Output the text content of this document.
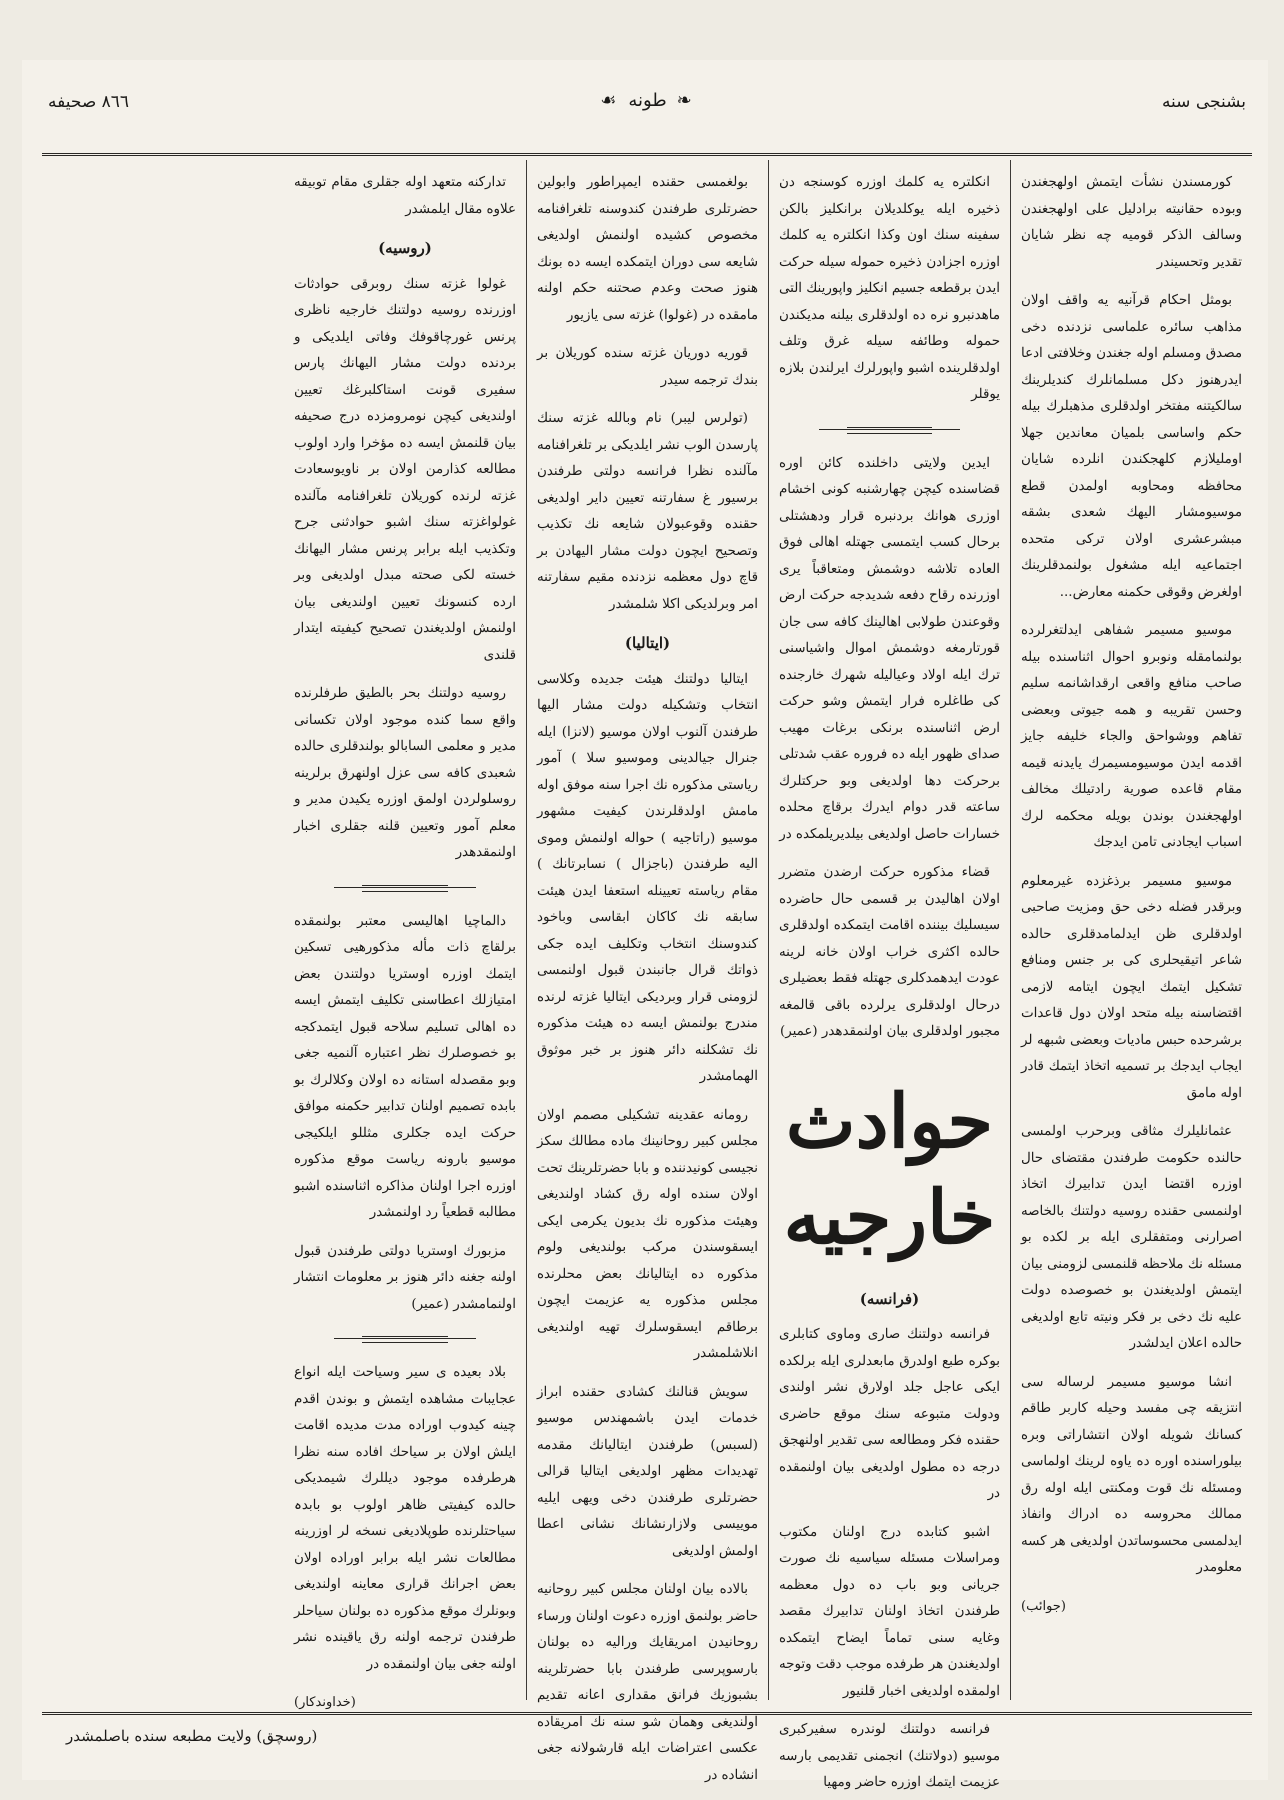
بشنجی سنه
❧طونه☙
٨٦٦ صحیفه

كورمسندن نشأت ایتمش اولهجغندن وبوده حقانیته برادلیل علی اولهجغندن وسالف الذكر قومیه چه نظر شایان تقدیر وتحسیندر

بومثل احكام قرآنیه یه واقف اولان مذاهب سائره علماسی نزدنده دخی مصدق ومسلم اوله جغندن وخلافتی ادعا ایدرهنوز دكل مسلمانلرك كندیلرینك سالكیتنه مفتخر اولدقلری مذهبلرك بیله حكم واساسی بلمیان معاندین جهلا اوملیلازم كلهجكندن انلرده شایان محافظه ومحاوبه اولمدن قطع موسیومشار الیهك شعدی بشقه مبشرعشری اولان تركی متحده اجتماعیه ایله مشغول بولنمدقلرینك اولغرض وقوقی حكمنه معارض...

موسیو مسیمر شفاهی ایدلتغرلرده بولنمامقله ونوبرو احوال اثناسنده بیله صاحب منافع واقعی ارقداشانمه سلیم وحسن تقریبه و همه جیوتی وبعضی تفاهم ووشواحق والجاء خلیفه جایز اقدمه ایدن موسیومسیمرك یایدنه قیمه مقام قاعده صوریة رادتیلك مخالف اولهجغندن بوندن بویله محكمه لرك اسباب ایجادنی تامن ایدجك

موسیو مسیمر برذغزده غیرمعلوم وبرقدر فضله دخی حق ومزیت صاحبی اولدقلری ظن ایدلمامدقلری حالده شاعر اتیقیحلری كی بر جنس ومنافع تشكیل ایتمك ایچون ایتامه لازمی اقتضاسنه بیله متحد اولان دول قاعدات برشرحده حبس مادیات وبعضی شبهه لر ایجاب ایدجك بر تسمیه اتخاذ ایتمك قادر اوله مامق

عثمانلیلرك مثاقی وبرحرب اولمسی حالنده حكومت طرفندن مقتضای حال اوزره اقتضا ایدن تدابیرك اتخاذ اولنمسی حقنده روسیه دولتنك بالخاصه اصرارنی ومتفقلری ایله بر لكده بو مسئله نك ملاحظه قلنمسی لزومنی بیان ایتمش اولدیغندن بو خصوصده دولت علیه نك دخی بر فكر ونیته تابع اولدیغی حالده اعلان ایدلشدر

انشا موسیو مسیمر لرساله سی انتزیقه چی مفسد وحیله كاربر طاقم كسانك شویله اولان انتشاراتی وبره بیلوراسنده اوره ده یاوه لرینك اولماسی ومسئله نك قوت ومكنتی ایله اوله رق ممالك محروسه ده ادراك وانفاذ ایدلمسی محسوساتدن اولدیغی هر كسه معلومدر

(جوائب)

انكلتره یه كلمك اوزره كوسنجه دن ذخیره ایله یوكلدیلان برانكلیز بالكن سفینه سنك اون وكذا انكلتره یه كلمك اوزره اجزادن ذخیره حموله سیله حركت ایدن برقطعه جسیم انكلیز واپورینك التی ماهدنبرو نره ده اولدقلری بیلنه مدیكندن حموله وطائفه سیله غرق وتلف اولدقلرینده اشبو واپورلرك ایرلندن بلازه یوقلر

ایدین ولایتی داخلنده كائن اوره قضاسنده كیچن چهارشنبه كونی اخشام اوزری هوانك بردنبره قرار ودهشتلی برحال كسب ایتمسی جهتله اهالی فوق العاده تلاشه دوشمش ومتعاقباً یری اوزرنده رقاح دفعه شدیدجه حركت ارض وقوعندن طولابی اهالینك كافه سی جان قورتارمغه دوشمش اموال واشیاسنی ترك ایله اولاد وعیالیله شهرك خارجنده كی طاغلره فرار ایتمش وشو حركت ارض اثناسنده برنكی برغات مهیب صدای ظهور ایله ده فروره عقب شدتلی برحركت دها اولدیغی وبو حركتلرك ساعته قدر دوام ایدرك برقاچ محلده خسارات حاصل اولدیغی بیلدیریلمكده در

قضاء مذكوره حركت ارضدن متضرر اولان اهالیدن بر قسمی حال حاضرده سیسلیك بیننده اقامت ایتمكده اولدقلری حالده اكثری خراب اولان خانه لرینه عودت ایدهمدكلری جهتله فقط بعضیلری درحال اولدقلری یرلرده باقی قالمغه مجبور اولدقلری بیان اولنمقدهدر (عمیر)

حوادث خارجیه
(فرانسه)

فرانسه دولتنك صاری وماوی كتابلری بوكره طبع اولدرق مابعدلری ایله برلكده ایکی عاجل جلد اولارق نشر اولندی ودولت متبوعه سنك موقع حاضری حقنده فكر ومطالعه سی تقدیر اولنهجق درجه ده مطول اولدیغی بیان اولنمقده در

اشبو كتابده درج اولنان مكتوب ومراسلات مسئله سیاسیه نك صورت جریانی وبو باب ده دول معظمه طرفندن اتخاذ اولنان تدابیرك مقصد وغایه سنی تماماً ایضاح ایتمكده اولدیغندن هر طرفده موجب دقت وتوجه اولمقده اولدیغی اخبار قلنیور

فرانسه دولتنك لوندره سفیركبری موسیو (دولاتنك) انجمنی تقدیمی بارسه عزیمت ایتمك اوزره حاضر ومهیا

بولغمسی حقنده ایمپراطور وابولین حضرتلری طرفندن كندوسنه تلغرافنامه مخصوص كشیده اولنمش اولدیغی شایعه سی دوران ایتمكده ایسه ده بونك هنوز صحت وعدم صحتنه حكم اولنه مامقده در (غولوا) غزته سی یازیور

قوریه دوریان غزته سنده كوریلان بر بندك ترجمه سیدر

(تولرس لیبر) نام وبالله غزته سنك پارسدن الوب نشر ایلدیكی بر تلغرافنامه مآلنده نظرا فرانسه دولتی طرفندن برسیور غ سفارتنه تعیین دایر اولدیغی حقنده وقوعبولان شایعه نك تكذیب وتصحیح ایچون دولت مشار الیهادن بر قاچ دول معظمه نزدنده مقیم سفارتنه امر وبرلدیكی اكلا شلمشدر

(ایتالیا)

ایتالیا دولتنك هیئت جدیده وكلاسی انتخاب وتشكیله دولت مشار الیها طرفندن آلنوب اولان موسیو (لانزا) ایله جنرال جیالدینی وموسیو سلا ) آمور ریاستی مذكوره نك اجرا سنه موفق اوله مامش اولدقلرندن كیفیت مشهور موسیو (راتاجیه ) حواله اولنمش وموی الیه طرفندن (باجزال ) نسابرتانك ) مقام ریاسته تعیینله استعفا ایدن هیئت سابقه نك كاكان ابقاسی وباخود كندوسنك انتخاب وتكلیف ایده جكی ذواتك قرال جانبندن قبول اولنمسی لزومنی قرار وبردیكی ایتالیا غزته لرنده مندرج بولنمش ایسه ده هیئت مذكوره نك تشكلنه دائر هنوز بر خبر موثوق الهمامشدر

رومانه عقدینه تشكیلی مصمم اولان مجلس كبیر روحانینك ماده مطالك سكز نجیسی كونیدننده و بابا حضرتلرینك تحت اولان سنده اوله رق كشاد اولندیغی وهیئت مذكوره نك بدیون یكرمی ایكی ایسقوسندن مركب بولندیغی ولوم مذكوره ده ایتالیانك بعض محلرنده مجلس مذكوره یه عزیمت ایچون برطاقم ایسقوسلرك تهیه اولندیغی انلاشلمشدر

سویش قنالنك كشادی حقنده ابراز خدمات ایدن باشمهندس موسیو (لسبس) طرفندن ایتالیانك مقدمه تهدیدات مظهر اولدیغی ایتالیا قرالی حضرتلری طرفندن دخی ویهی ایلیه موییسی ولازارنشانك نشانی اعطا اولمش اولدیغی

بالاده بیان اولنان مجلس كبیر روحانیه حاضر بولنمق اوزره دعوت اولنان ورساء روحانیدن امریقایك ورالیه ده بولنان بارسوپرسی طرفندن بابا حضرتلرینه بشبوزیك فرانق مقداری اعانه تقدیم اولندیغی وهمان شو سنه نك امریقاده عكسی اعتراضات ایله قارشولانه جغی انشاده در

تداركنه متعهد اوله جقلری مقام توبیقه علاوه مقال ایلمشدر

(روسیه)

غولوا غزته سنك روبرقی حوادثات اوزرنده روسیه دولتنك خارجیه ناظری پرنس غورچاقوفك وفاتی ایلدیكی و بردنده دولت مشار الیهانك پارس سفیری قونت استاكلبرغك تعیین اولندیغی كیچن نومرومزده درج صحیفه بیان قلنمش ایسه ده مؤخرا وارد اولوب مطالعه كذارمن اولان بر ناویوسعادت غزته لرنده كوریلان تلغرافنامه مآلنده غولواغزته سنك اشبو حوادثنی جرح وتكذیب ایله برابر پرنس مشار الیهانك خسته لكی صحته مبدل اولدیغی وبر ارده كنسونك تعیین اولندیغی بیان اولنمش اولدیغندن تصحیح كیفیته ایتدار قلندی

روسیه دولتنك بحر بالطیق طرفلرنده واقع سما كنده موجود اولان تكسانی مدیر و معلمی السابالو بولندقلری حالده شعبدی كافه سی عزل اولنهرق برلرینه روسلولردن اولمق اوزره یكیدن مدیر و معلم آمور وتعیین قلنه جقلری اخبار اولنمقدهدر

دالماچیا اهالیسی معتبر بولنمقده برلقاچ ذات مأله مذكورهیی تسكین ایتمك اوزره اوستریا دولتندن بعض امتیازلك اعطاسنی تكلیف ایتمش ایسه ده اهالی تسلیم سلاحه قبول ایتمدكجه بو خصوصلرك نظر اعتباره آلنمیه جغی وبو مقصدله استانه ده اولان وكلالرك بو بابده تصمیم اولنان تدابیر حكمنه موافق حركت ایده جكلری مثللو ایلكیجی موسیو بارونه ریاست موقع مذكوره اوزره اجرا اولنان مذاكره اثناسنده اشبو مطالبه قطعیاً رد اولنمشدر

مزبورك اوستریا دولتی طرفندن قبول اولنه جغنه دائر هنوز بر معلومات انتشار اولنمامشدر (عمیر)

بلاد بعیده ی سیر وسیاحت ایله انواع عجایبات مشاهده ایتمش و بوندن اقدم چینه كیدوب اوراده مدت مدیده اقامت ایلش اولان بر سیاحك افاده سنه نظرا هرطرفده موجود دیللرك شیمدیكی حالده كیفیتی ظاهر اولوب بو بابدہ سیاحتلرنده طوپلادیغی نسخه لر اوزرینه مطالعات نشر ایله برابر اوراده اولان بعض اجرانك قراری معاینه اولندیغی وبونلرك موقع مذكوره ده بولنان سیاحلر طرفندن ترجمه اولنه رق یاقینده نشر اولنه جغی بیان اولنمقده در

(خداوندكار)
(روسچق) ولایت مطبعه سنده باصلمشدر
